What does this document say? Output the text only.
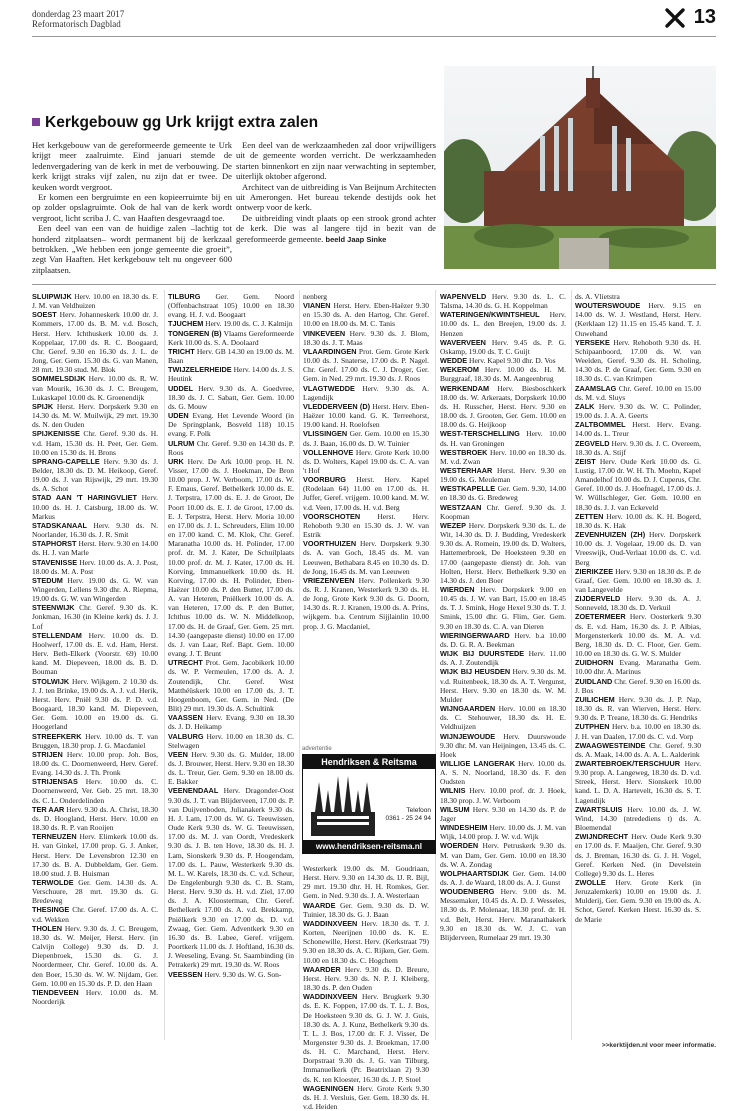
donderdag 23 maart 2017
Reformatorisch Dagblad	13
Kerkgebouw gg Urk krijgt extra zalen

Het kerkgebouw van de gereformeerde gemeente te Urk krijgt meer zaalruimte. Eind januari stemde de ledenvergadering van de kerk in met de verbouwing. De kerk krijgt straks vijf zalen, nu zijn dat er twee. De keuken wordt vergroot.

Er komen een bergruimte en een kopieerruimte bij en op zolder opslagruimte. Ook de hal van de kerk wordt vergroot, licht scriba J. C. van Haaften desgevraagd toe.

Een deel van een van de huidige zalen –lachtig tot honderd zitplaatsen– wordt permanent bij de kerkzaal betrokken. „We hebben een jonge gemeente die groeit”, zegt Van Haaften. Het kerkgebouw telt nu ongeveer 600 zitplaatsen.

Een deel van de werkzaamheden zal door vrijwilligers uit de gemeente worden verricht. De werkzaamheden starten binnenkort en zijn naar verwachting in september, uiterlijk oktober afgerond.

Architect van de uitbreiding is Van Beijnum Architecten uit Amerongen. Het bureau tekende destijds ook het ontwerp voor de kerk.

De uitbreiding vindt plaats op een strook grond achter de kerk. Die was al langere tijd in bezit van de gereformeerde gemeente. beeld Jaap Sinke

SLUIPWIJK Herv. 10.00 en 18.30 ds. F. J. M. van Veldhuizen
SOEST Herv. Johanneskerk 10.00 dr. J. Kommers, 17.00 ds. B. M. v.d. Bosch, Herst. Herv. Ichthuskerk 10.00 ds. J. Koppelaar, 17.00 ds. R. C. Boogaard, Chr. Geref. 9.30 en 16.30 ds. J. L. de Jong, Ger. Gem. 15.30 ds. G. van Manen, 28 mrt. 19.30 stud. M. Blok
SOMMELSDIJK Herv. 10.00 ds. R. W. van Mourik, 16.30 ds. J. C. Breugem, Lukaskapel 10.00 ds. K. Groenendijk
SPIJK Herst. Herv. Dorpskerk 9.30 en 14.30 ds. M. W. Muilwijk, 29 mrt. 19.30 ds. N. den Ouden
SPIJKENISSE Chr. Geref. 9.30 ds. H. v.d. Ham, 15.30 ds. H. Peet, Ger. Gem. 10.00 en 15.30 ds. H. Brons
SPRANG-CAPELLE Herv. 9.30 ds. J. Belder, 18.30 ds. D. M. Heikoop, Geref. 19.00 ds. J. van Rijswijk, 29 mrt. 19.30 ds. A. Schot
STAD AAN 'T HARINGVLIET Herv. 10.00 ds. H. J. Catsburg, 18.00 ds. W. Markus
STADSKANAAL Herv. 9.30 ds. N. Noorlander, 16.30 ds. J. R. Smit
STAPHORST Herst. Herv. 9.30 en 14.00 ds. H. J. van Marle
STAVENISSE Herv. 10.00 ds. A. J. Post, 18.00 ds. M. A. Post
STEDUM Herv. 19.00 ds. G. W. van Wingerden, Lellens 9.30 dhr. A. Riepma, 19.00 ds. G. W. van Wingerden
STEENWIJK Chr. Geref. 9.30 ds. K. Jonkman, 16.30 (in Kleine kerk) ds. J. J. Lof
STELLENDAM Herv. 10.00 ds. D. Hoolwerf, 17.00 ds. E. v.d. Ham, Herst. Herv. Beth-Elkerk (Voorstr. 69) 10.00 kand. M. Diepeveen, 18.00 ds. B. D. Bouman
STOLWIJK Herv. Wijkgem. 2 10.30 ds. J. J. ten Brinke, 19.00 ds. A. J. v.d. Herik, Herst. Herv. Pniël 9.30 ds. P. D. v.d. Boogaard, 18.30 kand. M. Diepeveen, Ger. Gem. 10.00 en 19.00 ds. G. Hoogerland
STREEFKERK Herv. 10.00 ds. T. van Bruggen, 18.30 prop. J. G. Macdaniel
STRIJEN Herv. 10.00 prop. Joh. Bos, 18.00 ds. C. Doornenweerd, Herv. Geref. Evang. 14.30 ds. J. Th. Pronk
STRIJENSAS Herv. 10.00 ds. C. Doornenweerd, Ver. Geb. 25 mrt. 18.30 ds. C. L. Onderdelinden
TER AAR Herv. 9.30 ds. A. Christ, 18.30 ds. D. Hoogland, Herst. Herv. 10.00 en 18.30 ds. R. P. van Rooijen
TERNEUZEN Herv. Elimkerk 10.00 ds. H. van Ginkel, 17.00 prop. G. J. Anker, Herst. Herv. De Levensbron 12.30 en 17.30 ds. B. A. Dubbeldam, Ger. Gem. 18.00 stud. J. B. Huisman
TERWOLDE Ger. Gem. 14.30 ds. A. Verschuure, 28 mrt. 19.30 ds. G. Bredeweg
THESINGE Chr. Geref. 17.00 ds. A. C. v.d. Wekken
THOLEN Herv. 9.30 ds. J. C. Breugem, 18.30 ds. W. Meijer, Herst. Herv. (in Calvijn College) 9.30 ds. D. J. Diepenbroek, 15.30 ds. G. J. Noordermeer, Chr. Geref. 10.00 ds. A. den Boer, 15.30 ds. W. W. Nijdam, Ger. Gem. 10.00 en 15.30 ds. P. D. den Haan
TIENDEVEEN Herv. 10.00 ds. M. Noorderijk
TILBURG Ger. Gem. Noord (Offenbachstraat 105) 10.00 en 18.30 evang. H. J. v.d. Boogaart
TJUCHEM Herv. 19.00 ds. C. J. Kalmijn
TONGEREN (B) Vlaams Gereformeerde Kerk 10.00 ds. S. A. Doolaard
TRICHT Herv. GB 14.30 en 19.00 ds. M. Baan
TWIJZELERHEIDE Herv. 14.00 ds. J. S. Heutink
UDDEL Herv. 9.30 ds. A. Goedvree, 18.30 ds. J. C. Sabatt, Ger. Gem. 10.00 ds. G. Mouw
UDEN Evang. Het Levende Woord (in De Springplank, Bosveld 118) 10.15 evang. F. Polk
ULRUM Chr. Geref. 9.30 en 14.30 ds. P. Roos
URK Herv. De Ark 10.00 prop. H. N. Visser, 17.00 ds. J. Hoekman, De Bron 10.00 prop. J. W. Verboom, 17.00 ds. W. F. Emaus, Geref. Bethelkerk 10.00 ds. E. J. Terpstra, 17.00 ds. E. J. de Groot, De Poort 10.00 ds. E. J. de Groot, 17.00 ds. E. J. Terpstra, Herst. Herv. Moria 10.00 en 17.00 ds. J. L. Schreuders, Elim 10.00 en 17.00 kand. C. M. Klok, Chr. Geref. Maranatha 10.00 ds. H. Polinder, 17.00 prof. dr. M. J. Kater, De Schuilplaats 10.00 prof. dr. M. J. Kater, 17.00 ds. H. Korving, Immanuelkerk 10.00 ds. H. Korving, 17.00 ds. H. Polinder, Eben-Haëzer 10.00 ds. P. den Butter, 17.00 ds. A. van Heteren, Pniëlkerk 10.00 ds. A. van Heteren, 17.00 ds. P. den Butter, Ichthus 10.00 ds. W. N. Middelkoop, 17.00 ds. H. de Graaf, Ger. Gem. 25 mrt. 14.30 (aangepaste dienst) 10.00 en 17.00 ds. J. van Laar, Ref. Bapt. Gem. 10.00 evang. J. T. Brunt
UTRECHT Prot. Gem. Jacobikerk 10.00 ds. W. P. Vermeulen, 17.00 ds. A. J. Zoutendijk, Chr. Geref. West Matthéüskerk 10.00 en 17.00 ds. J. T. Hoogenboom, Ger. Gem. in Ned. (De Blit) 29 mrt. 19.30 ds. A. Schultink
VAASSEN Herv. Evang. 9.30 en 18.30 ds. J. D. Heikamp
VALBURG Herv. 10.00 en 18.30 ds. C. Stelwagen
VEEN Herv. 9.30 ds. G. Mulder, 18.00 ds. J. Brouwer, Herst. Herv. 9.30 en 18.30 ds. L. Treur, Ger. Gem. 9.30 en 18.00 ds. E. Bakker
VEENENDAAL Herv. Dragonder-Oost 9.30 ds. J. T. van Blijderveen, 17.00 ds. P. van Duijvenboden, Julianakerk 9.30 ds. H. J. Lam, 17.00 ds. W. G. Teeuwissen, Oude Kerk 9.30 ds. W. G. Teeuwissen, 17.00 ds. M. J. van Oordt, Vredeskerk 9.30 ds. J. B. ten Hove, 18.30 ds. H. J. Lam, Sionskerk 9.30 ds. P. Hoogendam, 17.00 ds. L. Pauw, Westerkerk 9.30 ds. M. L. W. Karels, 18.30 ds. C. v.d. Scheur, De Engelenburgh 9.30 ds. C. B. Stam, Herst. Herv. 9.30 ds. H. v.d. Ziel, 17.00 ds. J. A. Kloosterman, Chr. Geref. Bethelkerk 17.00 ds. A. v.d. Brekkamp, Pniëlkerk 9.30 en 17.00 ds. D. v.d. Zwaag, Ger. Gem. Adventkerk 9.30 en 16.30 ds. B. Labee, Geref. vrijgem. Poortkerk 11.00 ds. J. Hoftland, 16.30 ds. J. Weeseling, Evang. St. Saambinding (in Petrakerk) 29 mrt. 19.30 ds. W. Roos
VEESSEN Herv. 9.30 ds. W. G. Son-
nenberg
VIANEN Herst. Herv. Eben-Haëzer 9.30 en 15.30 ds. A. den Hartog, Chr. Geref. 10.00 en 18.00 ds. M. C. Tanis
VINKEVEEN Herv. 9.30 ds. J. Blom, 18.30 ds. J. T. Maas
VLAARDINGEN Prot. Gem. Grote Kerk 10.00 ds. J. Snaterse, 17.00 ds. P. Nagel. Chr. Geref. 17.00 ds. C. J. Droger, Ger. Gem. in Ned. 29 mrt. 19.30 ds. J. Roos
VLAGTWEDDE Herv. 9.30 ds. A. Lagendijk
VLEDDERVEEN (D) Herst. Herv. Eben-Haëzer 10.00 kand. G. K. Terreehorst, 19.00 kand. H. Roelofsen
VLISSINGEN Ger. Gem. 10.00 en 15.30 ds. J. Baan, 16.00 ds. D. W. Tuinier
VOLLENHOVE Herv. Grote Kerk 10.00 ds. D. Wolters, Kapel 19.00 ds. C. A. van 't Hof
VOORBURG Herst. Herv. Kapel (Rodelaan 64) 11.00 en 17.00 ds. H. Juffer, Geref. vrijgem. 10.00 kand. M. W. v.d. Veen, 17.00 ds. H. v.d. Berg
VOORSCHOTEN Herst. Herv. Rehoboth 9.30 en 15.30 ds. J. W. van Estrik
VOORTHUIZEN Herv. Dorpskerk 9.30 ds. A. van Goch, 18.45 ds. M. van Leeuwen, Bethabara 8.45 en 10.30 ds. D. de Jong, 16.45 ds. M. van Leeuwen
VRIEZENVEEN Herv. Pollenkerk 9.30 ds. R. J. Kranen, Westerkerk 9.30 ds. H. de Jong, Grote Kerk 9.30 ds. G. Doorn, 14.30 ds. R. J. Kranen, 19.00 ds. A. Prins, wijkgem. b.a. Centrum Sijjlainlin 10.00 prop. J. G. Macdaniel,
Westerkerk 19.00 ds. M. Goudriaan, Herst. Herv. 9.30 en 14.30 ds. IJ. R. Bijl, 29 mrt. 19.30 dhr. H. H. Romkes, Ger. Gem. in Ned. 9.30 ds. J. A. Westerlaan
WAARDE Ger. Gem. 9.30 ds. D. W. Tuinier, 18.30 ds. G. J. Baan
WADDINXVEEN Herv. 18.30 ds. T. J. Korten, Neerijnen 10.00 ds. K. E. Schonewille, Herst. Herv. (Kerkstraat 79) 9.30 en 18.30 ds. A. C. Rijken, Ger. Gem. 10.00 en 18.30 ds. C. Hogchem
WAARDER Herv. 9.30 ds. D. Breure, Herst. Herv. 9.30 ds. N. P. J. Kleiberg, 18.30 ds. P. den Ouden
WADDINXVEEN Herv. Brugkerk 9.30 ds. E. K. Foppen, 17.00 ds. T. L. J. Bos, De Hoeksteen 9.30 ds. G. J. W. J. Guis, 18.30 ds. A. J. Kunz, Bethelkerk 9.30 ds. T. L. J. Bos, 17.00 dr. F. J. Visser, De Morgenster 9.30 ds. J. Broekman, 17.00 ds. H. C. Marchand, Herst. Herv. Dorpstraat 9.30 ds. J. G. van Tilburg, Immanuelkerk (Pr. Beatrixlaan 2) 9.30 ds. K. ten Kloester, 16.30 ds. J. P. Stoel
WAGENINGEN Herv. Grote Kerk 9.30 ds. H. J. Versluis, Ger. Gem. 18.30 ds. H. v.d. Heiden
WAPENVELD Herv. 9.30 ds. L. C. Talsma, 14.30 ds. G. H. Koppelman
WATERINGEN/KWINTSHEUL Herv. 10.00 ds. L. den Breejen, 19.00 ds. J. Henzen
WAVERVEEN Herv. 9.45 ds. P. G. Oskamp, 19.00 ds. T. C. Guijt
WEDDE Herv. Kapel 9.30 dhr. D. Vos
WEKEROM Herv. 10.00 ds. H. M. Burggraaf, 18.30 ds. M. Aangeenbrug
WERKENDAM Herv. Biesboschkerk 18.00 ds. W. Arkeraats, Dorpskerk 10.00 ds. H. Russcher, Herst. Herv. 9.30 en 18.00 ds. J. Grooten, Ger. Gem. 10.00 en 18.00 ds. G. Heijkoop
WEST-TERSCHELLING Herv. 10.00 ds. H. van Groningen
WESTBROEK Herv. 10.00 en 18.30 ds. M. v.d. Zwan
WESTERHAAR Herst. Herv. 9.30 en 19.00 ds. G. Meuleman
WESTKAPELLE Ger. Gem. 9.30, 14.00 en 18.30 ds. G. Bredeweg
WESTZAAN Chr. Geref. 9.30 ds. J. Koopman
WEZEP Herv. Dorpskerk 9.30 ds. L. de Wit, 14.30 ds. D. J. Budding, Vredeskerk 9.30 ds. A. Romein, 19.00 ds. D. Wolters, Hattemerbroek, De Hoeksteen 9.30 en 17.00 (aangepaste dienst) dr. Joh. van Holten, Herst. Herv. Bethelkerk 9.30 en 14.30 ds. J. den Boer
WIERDEN Herv. Dorpskerk 9.00 en 10.45 ds. J. W. van Bart, 15.00 en 18.45 ds. T. J. Smink, Hoge Hexel 9.30 ds. T. J. Smink, 15.00 dhr. G. Flim, Ger. Gem. 9.30 en 18.30 ds. C. A. van Dieren
WIERINGERWAARD Herv. b.a 10.00 ds. D. G. R. A. Beekman
WIJK BIJ DUURSTEDE Herv. 11.00 ds. A. J. Zoutendijk
WIJK BIJ HEUSDEN Herv. 9.30 ds. M. v.d. Ruitenbeek, 18.30 ds. A. T. Vergunst, Herst. Herv. 9.30 en 18.30 ds. W. M. Mulder
WIJNGAARDEN Herv. 10.00 en 18.30 ds. C. Stehouwer, 18.30 ds. H. E. Veldhuijzen
WIJNJEWOUDE Herv. Duurswoude 9.30 dhr. M. van Heijningen, 13.45 ds. C. Hoek
WILLIGE LANGERAK Herv. 10.00 ds. A. S. N. Noorland, 18.30 ds. F. den Oudsten
WILNIS Herv. 10.00 prof. dr. J. Hoek, 18.30 prop. J. W. Verboom
WILSUM Herv. 9.30 en 14.30 ds. P. de Jager
WINDESHEIM Herv. 10.00 ds. J. M. van Wijk, 14.00 prop. J. W. v.d. Wijk
WOERDEN Herv. Petruskerk 9.30 ds. M. van Dam, Ger. Gem. 10.00 en 18.30 ds. W. A. Zondag
WOLPHAARTSDIJK Ger. Gem. 14.00 ds. A. J. de Waard, 18.00 ds. A. J. Gunst
WOUDENBERG Herv. 9.00 ds. M. Messemaker, 10.45 ds. A. D. J. Wesseles, 18.30 ds. P. Molenaar, 18.30 prof. dr. H. v.d. Belt, Herst. Herv. Maranathakerk 9.30 en 18.30 ds. W. J. C. van Blijderveen, Rumelaar 29 mrt. 19.30
ds. A. Vlietstra
WOUTERSWOUDE Herv. 9.15 en 14.00 ds. W. J. Westland, Herst. Herv. (Kerklaan 12) 11.15 en 15.45 kand. T. J. Ouwehand
YERSEKE Herv. Rehoboth 9.30 ds. H. Schipaanboord, 17.00 ds. W. van Weelden, Geref. 9.30 ds. H. Scholing, 14.30 ds. P. de Graaf, Ger. Gem. 9.30 en 18.30 ds. C. van Krimpen
ZAAMSLAG Chr. Geref. 10.00 en 15.00 ds. M. v.d. Sluys
ZALK Herv. 9.30 ds. W. C. Polinder, 19.00 ds. J. A. A. Geerts
ZALTBOMMEL Herst. Herv. Evang. 14.00 ds. L. Treur
ZEGVELD Herv. 9.30 ds. J. C. Overeem, 18.30 ds. A. Stijf
ZEIST Herv. Oude Kerk 10.00 ds. G. Lustig, 17.00 dr. W. H. Th. Moehn, Kapel Amandelhof 10.00 ds. D. J. Cuperus, Chr. Geref. 10.00 ds. J. Hoefnagel, 17.00 ds. J. W. Wüllschleger, Ger. Gem. 10.00 en 18.30 ds. J. J. van Eckeveld
ZETTEN Herv. 10.00 ds. K. H. Bogerd, 18.30 ds. K. Hak
ZEVENHUIZEN (ZH) Herv. Dorpskerk 10.00 ds. J. Vogelaar, 19.00 ds. D. van Vreeswijk, Oud-Verlaat 10.00 ds. C. v.d. Berg
ZIERIKZEE Herv. 9.30 en 18.30 ds. P. de Graaf, Ger. Gem. 10.00 en 18.30 ds. J. van Langevelde
ZIJDERVELD Herv. 9.30 ds. A. J. Sonneveld, 18.30 ds. D. Verkuil
ZOETERMEER Herv. Oosterkerk 9.30 ds. E. v.d. Ham, 16.30 ds. J. P. Albias, Morgensterkerk 10.00 ds. M. A. v.d. Berg, 18.30 ds. D. C. Floor, Ger. Gem. 10.00 en 18.30 ds. G. W. S. Mulder
ZUIDHORN Evang. Maranatha Gem. 10.00 dhr. A. Marinus
ZUIDLAND Chr. Geref. 9.30 en 16.00 ds. J. Bos
ZUILICHEM Herv. 9.30 ds. J. P. Nap, 18.30 ds. R. van Wierven, Herst. Herv. 9.30 ds. P. Treane, 18.30 ds. G. Hendriks
ZUTPHEN Herv. b.a. 10.00 en 18.30 ds. J. H. van Daalen, 17.00 ds. C. v.d. Vorp
ZWAAGWESTEINDE Chr. Geref. 9.30 ds. A. Maak, 14.00 ds. A. A. L. Aalderink
ZWARTEBROEK/TERSCHUUR Herv. 9.30 prop. A. Langeweg, 18.30 ds. D. v.d. Streek, Herst. Herv. Sionskerk 10.00 kand. L. D. A. Hartevelt, 16.30 ds. S. T. Lagendijk
ZWARTSLUIS Herv. 10.00 ds. J. W. Wind, 14.30 (ntredediens t) ds. A. Bloemendal
ZWIJNDRECHT Herv. Oude Kerk 9.30 en 17.00 ds. F. Maaijen, Chr. Geref. 9.30 ds. J. Breman, 16.30 ds. G. J. H. Vogel, Geref. Kerken Ned. (in Develstein College) 9.30 ds. L. Heres
ZWOLLE Herv. Grote Kerk (in Jeruzalemkerk) 10.00 en 19.00 ds. J. Mulderij, Ger. Gem. 9.30 en 19.00 ds. A. Schot, Geref. Kerken Herst. 16.30 ds. S. de Marie
advertentie
Hendriksen & Reitsma Orgelbouw
Telefoon
0361 - 25 24 94
www.hendriksen-reitsma.nl
>>kerktijden.nl voor meer informatie.
